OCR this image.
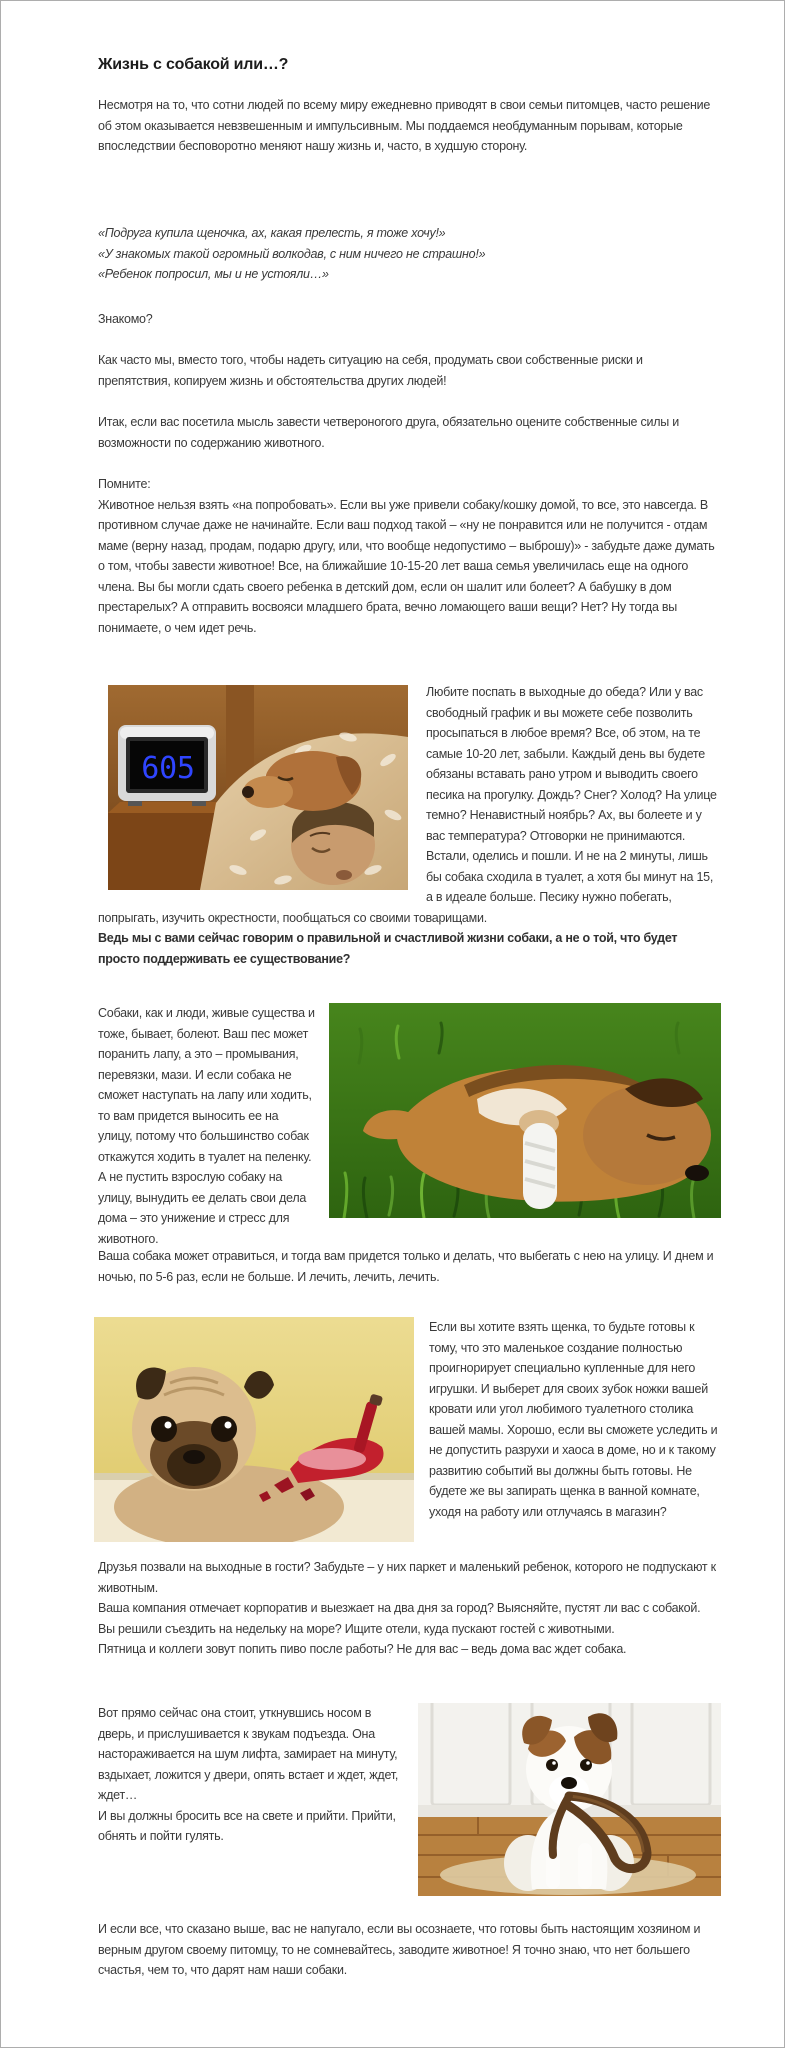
Жизнь с собакой или…?

Несмотря на то, что сотни людей по всему миру ежедневно приводят в свои семьи питомцев, часто решение об этом оказывается невзвешенным и импульсивным. Мы поддаемся необдуманным порывам, которые впоследствии бесповоротно меняют нашу жизнь и, часто, в худшую сторону.

«Подруга купила щеночка, ах, какая прелесть, я тоже хочу!»
«У знакомых такой огромный волкодав, с ним ничего не страшно!»
«Ребенок попросил, мы и не устояли…»

Знакомо?

Как часто мы, вместо того, чтобы надеть ситуацию на себя, продумать свои собственные риски и препятствия, копируем жизнь и обстоятельства других людей!

Итак, если вас посетила мысль завести четвероногого друга, обязательно оцените собственные силы и возможности по содержанию животного.

Помните:

Животное нельзя взять «на попробовать». Если вы уже привели собаку/кошку домой, то все, это навсегда. В противном случае даже не начинайте. Если ваш подход такой – «ну не понравится или не получится - отдам маме (верну назад, продам, подарю другу, или, что вообще недопустимо – выброшу)» - забудьте даже думать о том, чтобы завести животное! Все, на ближайшие 10-15-20 лет ваша семья увеличилась еще на одного члена. Вы бы могли сдать своего ребенка в детский дом, если он шалит или болеет? А бабушку в дом престарелых? А отправить восвояси младшего брата, вечно ломающего ваши вещи? Нет? Ну тогда вы понимаете, о чем идет речь.

605

Любите поспать в выходные до обеда? Или у вас свободный график и вы можете себе позволить просыпаться в любое время? Все, об этом, на те самые 10-20 лет, забыли. Каждый день вы будете обязаны вставать рано утром и выводить своего песика на прогулку. Дождь? Снег? Холод? На улице темно? Ненавистный ноябрь? Ах, вы болеете и у вас температура? Отговорки не принимаются. Встали, оделись и пошли. И не на 2 минуты, лишь бы собака сходила в туалет, а хотя бы минут на 15, а в идеале больше. Песику нужно побегать, попрыгать, изучить окрестности, пообщаться со своими товарищами.

Ведь мы с вами сейчас говорим о правильной и счастливой жизни собаки, а не о той, что будет просто поддерживать ее существование?

Собаки, как и люди, живые существа и тоже, бывает, болеют. Ваш пес может поранить лапу, а это – промывания, перевязки, мази. И если собака не сможет наступать на лапу или ходить, то вам придется выносить ее на улицу, потому что большинство собак откажутся ходить в туалет на пеленку. А не пустить взрослую собаку на улицу, вынудить ее делать свои дела дома – это унижение и стресс для животного.

Ваша собака может отравиться, и тогда вам придется только и делать, что выбегать с нею на улицу. И днем и ночью, по 5-6 раз, если не больше. И лечить, лечить, лечить.

Если вы хотите взять щенка, то будьте готовы к тому, что это маленькое создание полностью проигнорирует специально купленные для него игрушки. И выберет для своих зубок ножки вашей кровати или угол любимого туалетного столика вашей мамы. Хорошо, если вы сможете уследить и не допустить разрухи и хаоса в доме, но и к такому развитию событий вы должны быть готовы. Не будете же вы запирать щенка в ванной комнате, уходя на работу или отлучаясь в магазин?

Друзья позвали на выходные в гости? Забудьте – у них паркет и маленький ребенок, которого не подпускают к животным.
Ваша компания отмечает корпоратив и выезжает на два дня за город? Выясняйте, пустят ли вас с собакой.
Вы решили съездить на недельку на море? Ищите отели, куда пускают гостей с животными.
Пятница и коллеги зовут попить пиво после работы? Не для вас – ведь дома вас ждет собака.
Вот прямо сейчас она стоит, уткнувшись носом в дверь, и прислушивается к звукам подъезда. Она настораживается на шум лифта, замирает на минуту, вздыхает, ложится у двери, опять встает и ждет, ждет, ждет…
И вы должны бросить все на свете и прийти. Прийти, обнять и пойти гулять.

И если все, что сказано выше, вас не напугало, если вы осознаете, что готовы быть настоящим хозяином и верным другом своему питомцу, то не сомневайтесь, заводите животное! Я точно знаю, что нет большего счастья, чем то, что дарят нам наши собаки.
